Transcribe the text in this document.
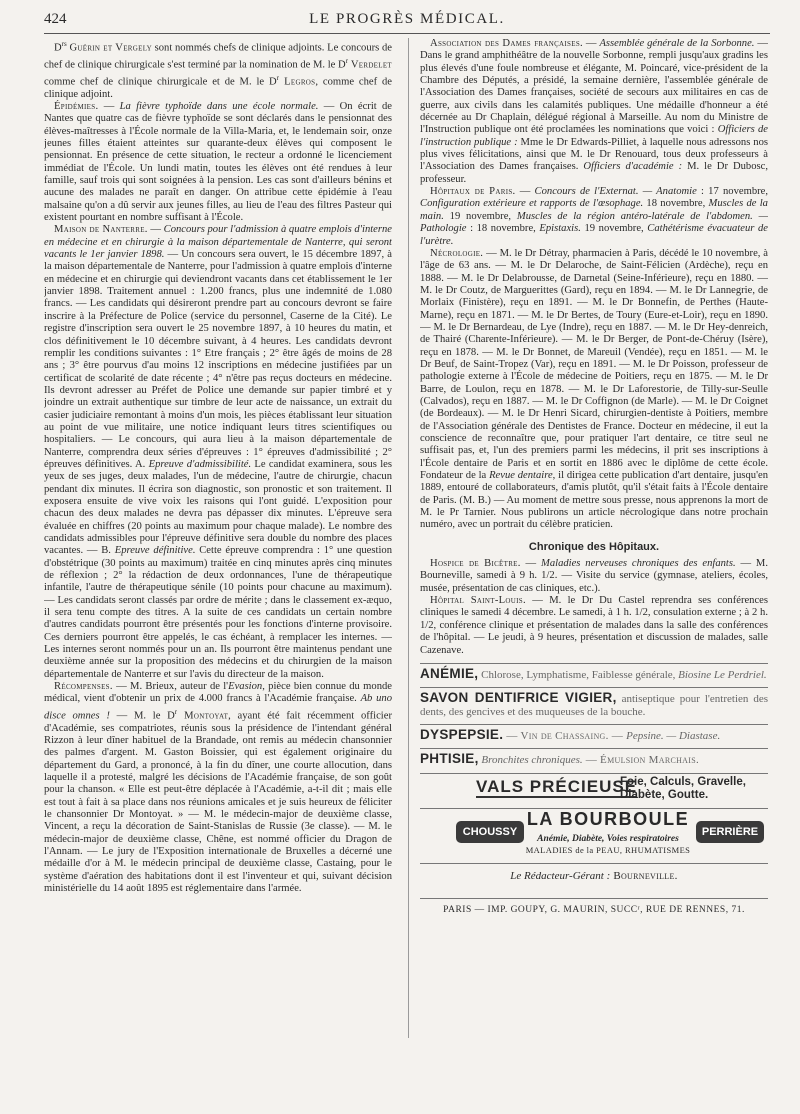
424	LE PROGRÈS MÉDICAL.

$D^{rs}$ Guérin et Vergely sont nommés chefs de clinique adjoints. Le concours de chef de clinique chirurgicale s'est terminé par la nomination de M. le $D^r$ Verdelet comme chef de clinique chirurgicale et de M. le $D^r$ Legros, comme chef de clinique adjoint.

Épidémies. — La fièvre typhoïde dans une école normale. — On écrit de Nantes que quatre cas de fièvre typhoïde se sont déclarés dans le pensionnat des élèves-maîtresses à l'École normale de la Villa-Maria, et, le lendemain soir, onze jeunes filles étaient atteintes sur quarante-deux élèves qui composent le pensionnat. En présence de cette situation, le recteur a ordonné le licenciement immédiat de l'École. Un lundi matin, toutes les élèves ont été rendues à leur famille, sauf trois qui sont soignées à la pension. Les cas sont d'ailleurs bénins et aucune des malades ne paraît en danger. On attribue cette épidémie à l'eau malsaine qu'on a dû servir aux jeunes filles, au lieu de l'eau des filtres Pasteur qui existent pourtant en nombre suffisant à l'École.

Maison de Nanterre. — Concours pour l'admission à quatre emplois d'interne en médecine et en chirurgie à la maison départementale de Nanterre, qui seront vacants le 1er janvier 1898. — Un concours sera ouvert, le 15 décembre 1897, à la maison départementale de Nanterre, pour l'admission à quatre emplois d'interne en médecine et en chirurgie qui deviendront vacants dans cet établissement le 1er janvier 1898. Traitement annuel : 1.200 francs, plus une indemnité de 1.080 francs. — Les candidats qui désireront prendre part au concours devront se faire inscrire à la Préfecture de Police (service du personnel, Caserne de la Cité). Le registre d'inscription sera ouvert le 25 novembre 1897, à 10 heures du matin, et clos définitivement le 10 décembre suivant, à 4 heures. Les candidats devront remplir les conditions suivantes : 1° Etre français ; 2° être âgés de moins de 28 ans ; 3° être pourvus d'au moins 12 inscriptions en médecine justifiées par un certificat de scolarité de date récente ; 4° n'être pas reçus docteurs en médecine. Ils devront adresser au Préfet de Police une demande sur papier timbré et y joindre un extrait authentique sur timbre de leur acte de naissance, un extrait du casier judiciaire remontant à moins d'un mois, les pièces établissant leur situation au point de vue militaire, une notice indiquant leurs titres scientifiques ou hospitaliers. — Le concours, qui aura lieu à la maison départementale de Nanterre, comprendra deux séries d'épreuves : 1° épreuves d'admissibilité ; 2° épreuves définitives. A. Epreuve d'admissibilité. Le candidat examinera, sous les yeux de ses juges, deux malades, l'un de médecine, l'autre de chirurgie, chacun pendant dix minutes. Il écrira son diagnostic, son pronostic et son traitement. Il exposera ensuite de vive voix les raisons qui l'ont guidé. L'exposition pour chacun des deux malades ne devra pas dépasser dix minutes. L'épreuve sera évaluée en chiffres (20 points au maximum pour chaque malade). Le nombre des candidats admissibles pour l'épreuve définitive sera double du nombre des places vacantes. — B. Epreuve définitive. Cette épreuve comprendra : 1° une question d'obstétrique (30 points au maximum) traitée en cinq minutes après cinq minutes de réflexion ; 2° la rédaction de deux ordonnances, l'une de thérapeutique infantile, l'autre de thérapeutique sénile (10 points pour chacune au maximum). — Les candidats seront classés par ordre de mérite ; dans le classement ex-æquo, il sera tenu compte des titres. A la suite de ces candidats un certain nombre d'autres candidats pourront être présentés pour les fonctions d'interne provisoire. Ces derniers pourront être appelés, le cas échéant, à remplacer les internes. — Les internes seront nommés pour un an. Ils pourront être maintenus pendant une deuxième année sur la proposition des médecins et du chirurgien de la maison départementale de Nanterre et sur l'avis du directeur de la maison.

Récompenses. — M. Brieux, auteur de l'Evasion, pièce bien connue du monde médical, vient d'obtenir un prix de 4.000 francs à l'Académie française. Ab uno disce omnes ! — M. le $D^r$ Montoyat, ayant été fait récemment officier d'Académie, ses compatriotes, réunis sous la présidence de l'intendant général Rizzon à leur dîner habituel de la Brandade, ont remis au médecin chansonnier des palmes d'argent. M. Gaston Boissier, qui est également originaire du département du Gard, a prononcé, à la fin du dîner, une courte allocution, dans laquelle il a protesté, malgré les décisions de l'Académie française, de son goût pour la chanson. « Elle est peut-être déplacée à l'Académie, a-t-il dit ; mais elle est tout à fait à sa place dans nos réunions amicales et je suis heureux de féliciter le chansonnier Dr Montoyat. » — M. le médecin-major de deuxième classe, Vincent, a reçu la décoration de Saint-Stanislas de Russie (3e classe). — M. le médecin-major de deuxième classe, Chêne, est nommé officier du Dragon de l'Annam. — Le jury de l'Exposition internationale de Bruxelles a décerné une médaille d'or à M. le médecin principal de deuxième classe, Castaing, pour le système d'aération des habitations dont il est l'inventeur et qui, suivant décision ministérielle du 14 août 1895 est réglementaire dans l'armée.

Association des Dames françaises. — Assemblée générale de la Sorbonne. — Dans le grand amphithéâtre de la nouvelle Sorbonne, rempli jusqu'aux gradins les plus élevés d'une foule nombreuse et élégante, M. Poincaré, vice-président de la Chambre des Députés, a présidé, la semaine dernière, l'assemblée générale de l'Association des Dames françaises, société de secours aux militaires en cas de guerre, aux civils dans les calamités publiques. Une médaille d'honneur a été décernée au Dr Chaplain, délégué régional à Marseille. Au nom du Ministre de l'Instruction publique ont été proclamées les nominations que voici : Officiers de l'instruction publique : Mme le Dr Edwards-Pilliet, à laquelle nous adressons nos plus vives félicitations, ainsi que M. le Dr Renouard, tous deux professeurs à l'Association des Dames françaises. Officiers d'académie : M. le Dr Dubosc, professeur.

Hôpitaux de Paris. — Concours de l'Externat. — Anatomie : 17 novembre, Configuration extérieure et rapports de l'œsophage. 18 novembre, Muscles de la main. 19 novembre, Muscles de la région antéro-latérale de l'abdomen. — Pathologie : 18 novembre, Epistaxis. 19 novembre, Cathétérisme évacuateur de l'urètre.

Nécrologie. — M. le Dr Détray, pharmacien à Paris, décédé le 10 novembre, à l'âge de 63 ans. — M. le Dr Delaroche, de Saint-Félicien (Ardèche), reçu en 1888. — M. le Dr Delabrousse, de Darnetal (Seine-Inférieure), reçu en 1880. — M. le Dr Coutz, de Marguerittes (Gard), reçu en 1894. — M. le Dr Lannegrie, de Morlaix (Finistère), reçu en 1891. — M. le Dr Bonnefin, de Perthes (Haute-Marne), reçu en 1871. — M. le Dr Bertes, de Toury (Eure-et-Loir), reçu en 1890. — M. le Dr Bernardeau, de Lye (Indre), reçu en 1887. — M. le Dr Hey-denreich, de Thairé (Charente-Inférieure). — M. le Dr Berger, de Pont-de-Chéruy (Isère), reçu en 1878. — M. le Dr Bonnet, de Mareuil (Vendée), reçu en 1851. — M. le Dr Beuf, de Saint-Tropez (Var), reçu en 1891. — M. le Dr Poisson, professeur de pathologie externe à l'École de médecine de Poitiers, reçu en 1875. — M. le Dr Barre, de Loulon, reçu en 1878. — M. le Dr Laforestorie, de Tilly-sur-Seulle (Calvados), reçu en 1887. — M. le Dr Coffignon (de Marle). — M. le Dr Coignet (de Bordeaux). — M. le Dr Henri Sicard, chirurgien-dentiste à Poitiers, membre de l'Association générale des Dentistes de France. Docteur en médecine, il eut la conscience de reconnaître que, pour pratiquer l'art dentaire, ce titre seul ne suffisait pas, et, l'un des premiers parmi les médecins, il prit ses inscriptions à l'École dentaire de Paris et en sortit en 1886 avec le diplôme de cette école. Fondateur de la Revue dentaire, il dirigea cette publication d'art dentaire, jusqu'en 1889, entouré de collaborateurs, d'amis plutôt, qu'il s'était faits à l'École dentaire de Paris. (M. B.) — Au moment de mettre sous presse, nous apprenons la mort de M. le Pr Tarnier. Nous publirons un article nécrologique dans notre prochain numéro, avec un portrait du célèbre praticien.

Chronique des Hôpitaux.

Hospice de Bicêtre. — Maladies nerveuses chroniques des enfants. — M. Bourneville, samedi à 9 h. 1/2. — Visite du service (gymnase, ateliers, écoles, musée, présentation de cas cliniques, etc.).

Hôpital Saint-Louis. — M. le Dr Du Castel reprendra ses conférences cliniques le samedi 4 décembre. Le samedi, à 1 h. 1/2, consulation externe ; à 2 h. 1/2, conférence clinique et présentation de malades dans la salle des conférences de l'hôpital. — Le jeudi, à 9 heures, présentation et discussion de malades, salle Cazenave.

ANÉMIE, Chlorose, Lymphatisme, Faiblesse générale, Biosine Le Perdriel.

SAVON DENTIFRICE VIGIER, antiseptique pour l'entretien des dents, des gencives et des muqueuses de la bouche.

DYSPEPSIE. — Vin de Chassaing. — Pepsine. — Diastase.

PHTISIE, Bronchites chroniques. — Émulsion Marchais.

VALS PRÉCIEUSE
Foie, Calculs, Gravelle,
Diabète, Goutte.
CHOUSSY
LA BOURBOULE
Anémie, Diabète, Voies respiratoires
MALADIES de la PEAU, RHUMATISMES
PERRIÈRE

Le Rédacteur-Gérant : Bourneville.

PARIS — IMP. GOUPY, G. MAURIN, SUCCʳ, RUE DE RENNES, 71.
